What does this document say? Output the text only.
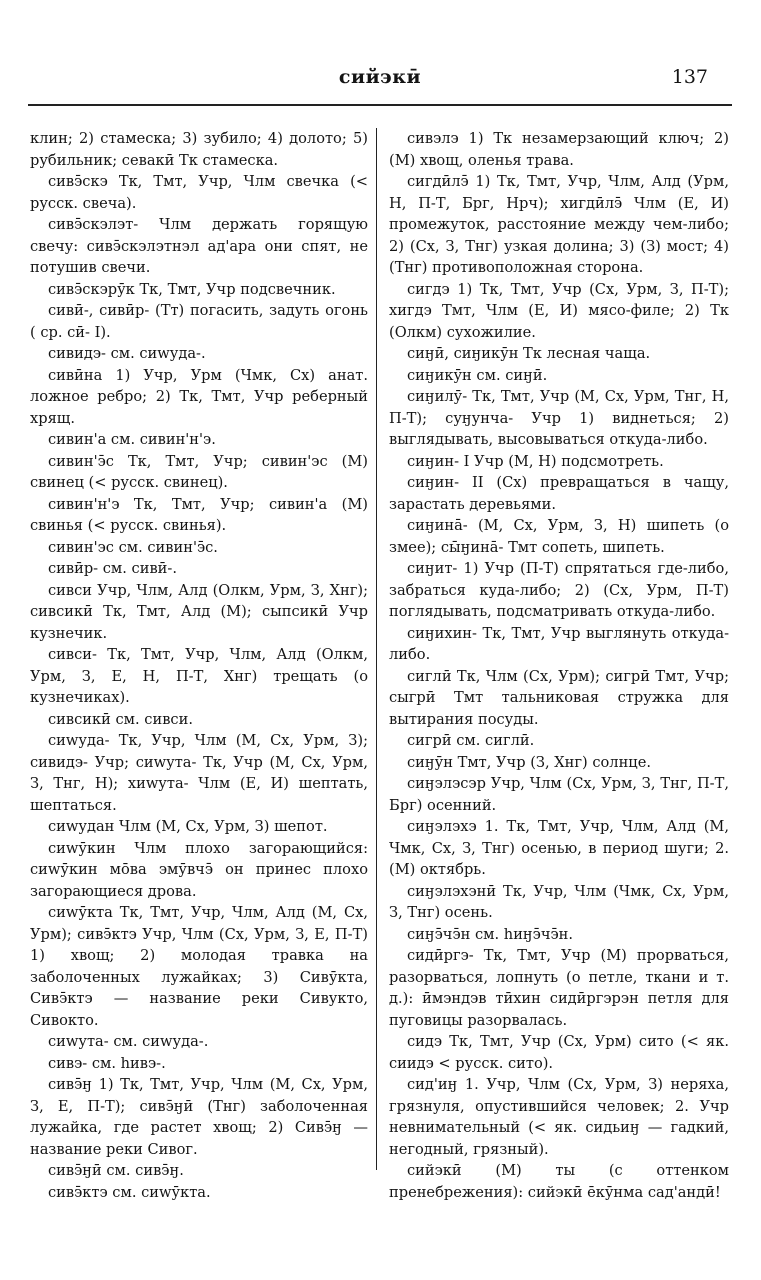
сийэкӣ	137
клин; 2) стамеска; 3) зубило; 4) долото; 5) рубильник; севакӣ Тк стамеска.
сивэ̄скэ Тк, Тмт, Учр, Члм свечка (< русск. свеча).
сивэ̄скэлэт- Члм держать горящую свечу: сивэ̄скэлэтнэл ад'ара они спят, не потушив свечи.
сивэ̄скэрӯк Тк, Тмт, Учр подсвечник.
сивӣ-, сивӣр- (Тт) погасить, задуть огонь ( ср. сӣ- I).
сивидэ- см. сиwуда-.
сивӣна 1) Учр, Урм (Чмк, Сх) анат. ложное ребро; 2) Тк, Тмт, Учр реберный хрящ.
сивин'а см. сивин'н'э.
сивин'э̄с Тк, Тмт, Учр; сивин'эс (М) свинец (< русск. свинец).
сивин'н'э Тк, Тмт, Учр; сивин'а (М) свинья (< русск. свинья).
сивин'эс см. сивин'э̄с.
сивӣр- см. сивӣ-.
сивси Учр, Члм, Алд (Олкм, Урм, З, Хнг); сивсикӣ Тк, Тмт, Алд (М); сыпсикӣ Учр кузнечик.
сивси- Тк, Тмт, Учр, Члм, Алд (Олкм, Урм, З, Е, Н, П-Т, Хнг) трещать (о кузнечиках).
сивсикӣ см. сивси.
сиwуда- Тк, Учр, Члм (М, Сх, Урм, З); сивидэ- Учр; сиwута- Тк, Учр (М, Сх, Урм, З, Тнг, Н); хиwута- Члм (Е, И) шептать, шептаться.
сиwудан Члм (М, Сх, Урм, З) шепот.
сиwӯкин Члм плохо загорающийся: сиwӯкин мōва эмӯвчэ̄ он принес плохо загорающиеся дрова.
сиwӯкта Тк, Тмт, Учр, Члм, Алд (М, Сх, Урм); сивэ̄ктэ Учр, Члм (Сх, Урм, З, Е, П-Т) 1) хвощ; 2) молодая травка на заболоченных лужайках; 3) Сивӯкта, Сивэ̄ктэ — название реки Сивукто, Сивокто.
сиwута- см. сиwуда-.
сивэ- см. hивэ-.
сивэ̄ӈ 1) Тк, Тмт, Учр, Члм (М, Сх, Урм, З, Е, П-Т); сивэ̄ӈӣ (Тнг) заболоченная лужайка, где растет хвощ; 2) Сивэ̄ӈ — название реки Сивог.
сивэ̄ӈӣ см. сивэ̄ӈ.
сивэ̄ктэ см. сиwӯкта.
сивэлэ 1) Тк незамерзающий ключ; 2) (М) хвощ, оленья трава.
сигдӣлэ̄ 1) Тк, Тмт, Учр, Члм, Алд (Урм, Н, П-Т, Брг, Нрч); хигдӣлэ̄ Члм (Е, И) промежуток, расстояние между чем-либо; 2) (Сх, З, Тнг) узкая долина; 3) (З) мост; 4) (Тнг) противоположная сторона.
сигдэ 1) Тк, Тмт, Учр (Сх, Урм, З, П-Т); хигдэ Тмт, Члм (Е, И) мясо-филе; 2) Тк (Олкм) сухожилие.
сиӈӣ, сиӈикӯн Тк лесная чаща.
сиӈикӯн см. сиӈӣ.
сиӈилӯ- Тк, Тмт, Учр (М, Сх, Урм, Тнг, Н, П-Т); суӈунча- Учр 1) виднеться; 2) выглядывать, высовываться откуда-либо.
сиӈин- I Учр (М, Н) подсмотреть.
сиӈин- II (Сх) превращаться в чащу, зарастать деревьями.
сиӈина̄- (М, Сх, Урм, З, Н) шипеть (о змее); сы̄ӈина̄- Тмт сопеть, шипеть.
сиӈит- 1) Учр (П-Т) спрятаться где-либо, забраться куда-либо; 2) (Сх, Урм, П-Т) поглядывать, подсматривать откуда-либо.
сиӈихин- Тк, Тмт, Учр выглянуть откуда-либо.
сиглӣ Тк, Члм (Сх, Урм); сигрӣ Тмт, Учр; сыгрӣ Тмт тальниковая стружка для вытирания посуды.
сигрӣ см. сиглӣ.
сиӈӯн Тмт, Учр (З, Хнг) солнце.
сиӈэлэсэр Учр, Члм (Сх, Урм, З, Тнг, П-Т, Брг) осенний.
сиӈэлэхэ 1. Тк, Тмт, Учр, Члм, Алд (М, Чмк, Сх, З, Тнг) осенью, в период шуги; 2. (М) октябрь.
сиӈэлэхэнӣ Тк, Учр, Члм (Чмк, Сх, Урм, З, Тнг) осень.
сиӈэ̄чэ̄н см. hиӈэ̄чэ̄н.
сидӣргэ- Тк, Тмт, Учр (М) прорваться, разорваться, лопнуть (о петле, ткани и т. д.): ӣмэндэв тӣхин сидӣргэрэн петля для пуговицы разорвалась.
сидэ Тк, Тмт, Учр (Сх, Урм) сито (< як. сиидэ < русск. сито).
сид'иӈ 1. Учр, Члм (Сх, Урм, З) неряха, грязнуля, опустившийся человек; 2. Учр невнимательный (< як. сидьиӈ — гадкий, негодный, грязный).
сийэкӣ (М) ты (с оттенком пренебрежения): сийэкӣ ēкӯнма сад'андӣ!
